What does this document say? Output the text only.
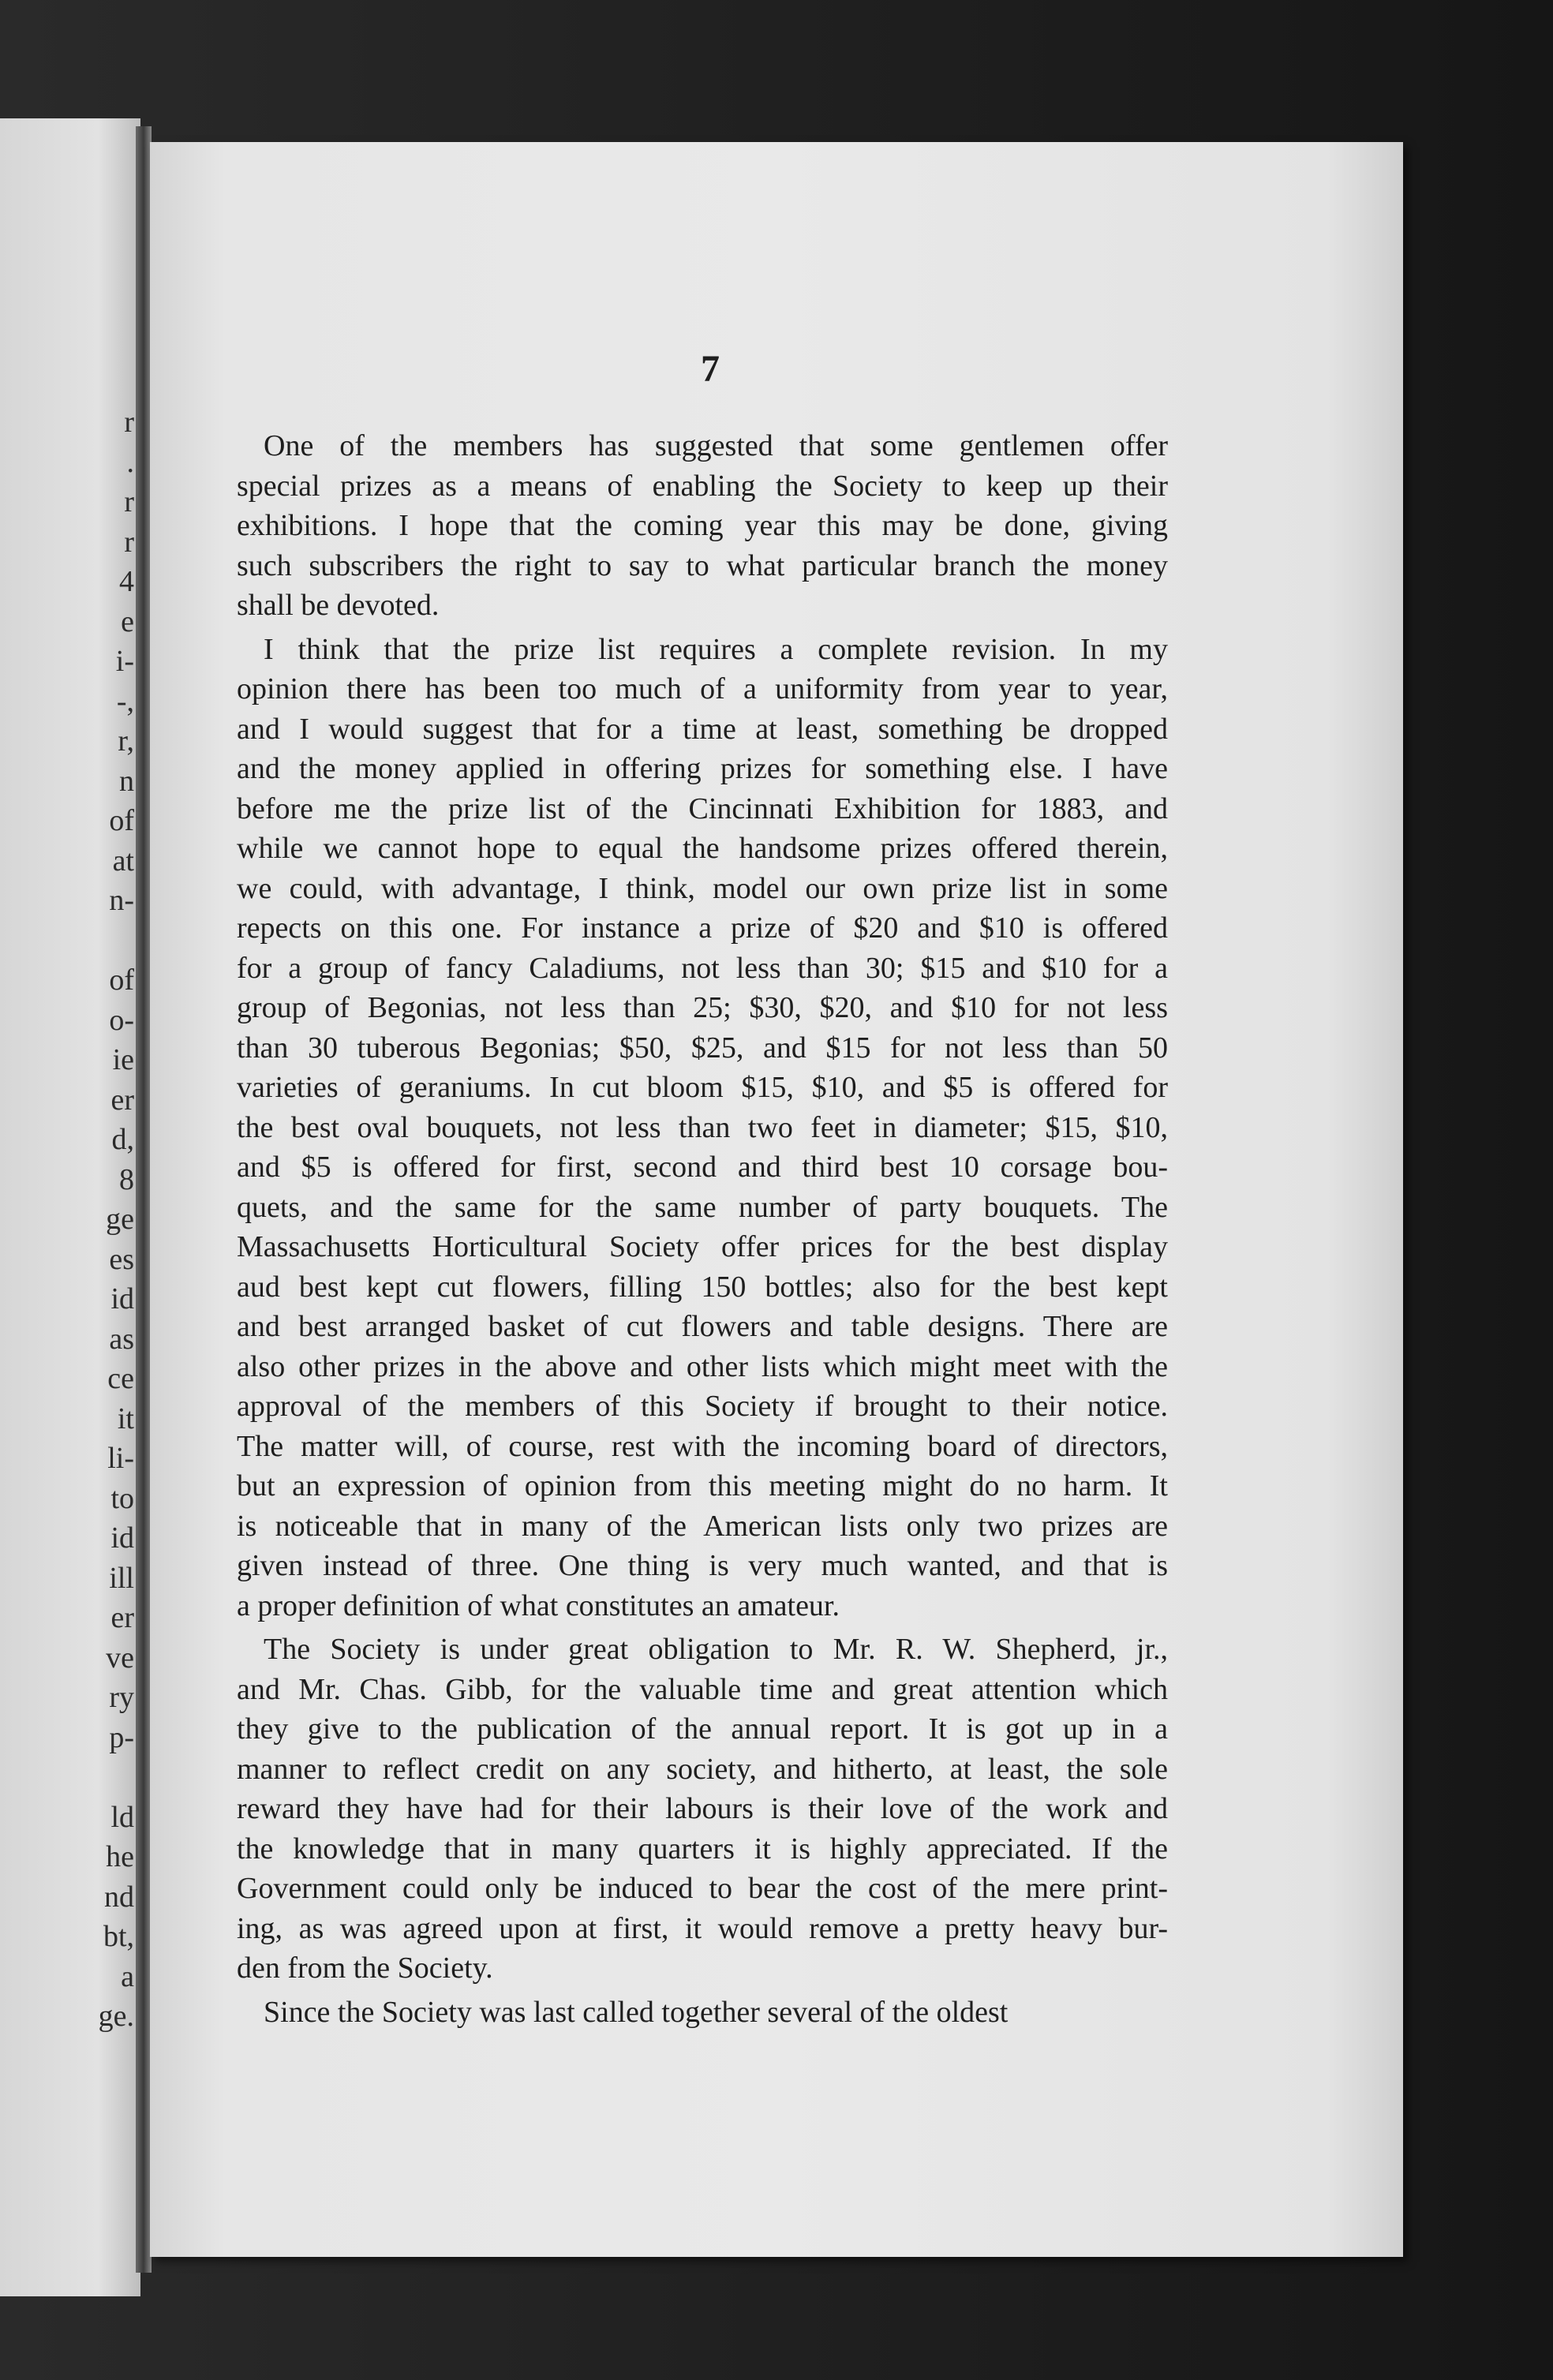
r
.
r
r
4
e
i-
-,
r,
n
of
at
n-
of
o-
ie
er
d,
8
ge
es
id
as
ce
it
li-
to
id
ill
er
ve
ry
p-
ld
he
nd
bt,
a
ge.
7
One of the members has suggested that some gentlemen offer
special prizes as a means of enabling the Society to keep up their
exhibitions. I hope that the coming year this may be done, giving
such subscribers the right to say to what particular branch the money
shall be devoted.
I think that the prize list requires a complete revision. In my
opinion there has been too much of a uniformity from year to year,
and I would suggest that for a time at least, something be dropped
and the money applied in offering prizes for something else. I have
before me the prize list of the Cincinnati Exhibition for 1883, and
while we cannot hope to equal the handsome prizes offered therein,
we could, with advantage, I think, model our own prize list in some
repects on this one. For instance a prize of $20 and $10 is offered
for a group of fancy Caladiums, not less than 30; $15 and $10 for a
group of Begonias, not less than 25; $30, $20, and $10 for not less
than 30 tuberous Begonias; $50, $25, and $15 for not less than 50
varieties of geraniums. In cut bloom $15, $10, and $5 is offered for
the best oval bouquets, not less than two feet in diameter; $15, $10,
and $5 is offered for first, second and third best 10 corsage bou-
quets, and the same for the same number of party bouquets. The
Massachusetts Horticultural Society offer prices for the best display
aud best kept cut flowers, filling 150 bottles; also for the best kept
and best arranged basket of cut flowers and table designs. There are
also other prizes in the above and other lists which might meet with the
approval of the members of this Society if brought to their notice.
The matter will, of course, rest with the incoming board of directors,
but an expression of opinion from this meeting might do no harm. It
is noticeable that in many of the American lists only two prizes are
given instead of three. One thing is very much wanted, and that is
a proper definition of what constitutes an amateur.
The Society is under great obligation to Mr. R. W. Shepherd, jr.,
and Mr. Chas. Gibb, for the valuable time and great attention which
they give to the publication of the annual report. It is got up in a
manner to reflect credit on any society, and hitherto, at least, the sole
reward they have had for their labours is their love of the work and
the knowledge that in many quarters it is highly appreciated. If the
Government could only be induced to bear the cost of the mere print-
ing, as was agreed upon at first, it would remove a pretty heavy bur-
den from the Society.
Since the Society was last called together several of the oldest
